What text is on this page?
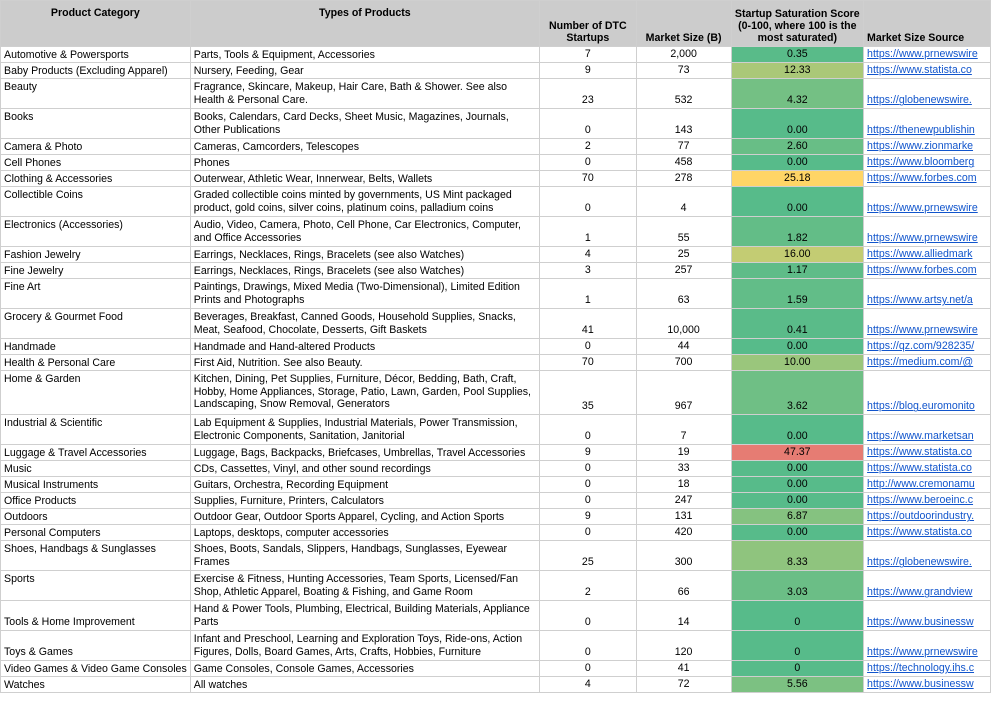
Product Category	Types of Products	Number of DTC Startups	Market Size (B)	Startup Saturation Score (0-100, where 100 is the most saturated)	Market Size Source
Automotive & Powersports	Parts, Tools & Equipment, Accessories	7	2,000	0.35	https://www.prnewswire
Baby Products (Excluding Apparel)	Nursery, Feeding, Gear	9	73	12.33	https://www.statista.co
Beauty	Fragrance, Skincare, Makeup, Hair Care, Bath & Shower. See also Health & Personal Care.	23	532	4.32	https://globenewswire.
Books	Books, Calendars, Card Decks, Sheet Music, Magazines, Journals, Other Publications	0	143	0.00	https://thenewpublishin
Camera & Photo	Cameras, Camcorders, Telescopes	2	77	2.60	https://www.zionmarke
Cell Phones	Phones	0	458	0.00	https://www.bloomberg
Clothing & Accessories	Outerwear, Athletic Wear, Innerwear, Belts, Wallets	70	278	25.18	https://www.forbes.com
Collectible Coins	Graded collectible coins minted by governments, US Mint packaged product, gold coins, silver coins, platinum coins, palladium coins	0	4	0.00	https://www.prnewswire
Electronics (Accessories)	Audio, Video, Camera, Photo, Cell Phone, Car Electronics, Computer, and Office Accessories	1	55	1.82	https://www.prnewswire
Fashion Jewelry	Earrings, Necklaces, Rings, Bracelets (see also Watches)	4	25	16.00	https://www.alliedmark
Fine Jewelry	Earrings, Necklaces, Rings, Bracelets (see also Watches)	3	257	1.17	https://www.forbes.com
Fine Art	Paintings, Drawings, Mixed Media (Two-Dimensional), Limited Edition Prints and Photographs	1	63	1.59	https://www.artsy.net/a
Grocery & Gourmet Food	Beverages, Breakfast, Canned Goods, Household Supplies, Snacks, Meat, Seafood, Chocolate, Desserts, Gift Baskets	41	10,000	0.41	https://www.prnewswire
Handmade	Handmade and Hand-altered Products	0	44	0.00	https://qz.com/928235/
Health & Personal Care	First Aid, Nutrition. See also Beauty.	70	700	10.00	https://medium.com/@
Home & Garden	Kitchen, Dining, Pet Supplies, Furniture, Décor, Bedding, Bath, Craft, Hobby, Home Appliances, Storage, Patio, Lawn, Garden, Pool Supplies, Landscaping, Snow Removal, Generators	35	967	3.62	https://blog.euromonito
Industrial & Scientific	Lab Equipment & Supplies, Industrial Materials, Power Transmission, Electronic Components, Sanitation, Janitorial	0	7	0.00	https://www.marketsan
Luggage & Travel Accessories	Luggage, Bags, Backpacks, Briefcases, Umbrellas, Travel Accessories	9	19	47.37	https://www.statista.co
Music	CDs, Cassettes, Vinyl, and other sound recordings	0	33	0.00	https://www.statista.co
Musical Instruments	Guitars, Orchestra, Recording Equipment	0	18	0.00	http://www.cremonamu
Office Products	Supplies, Furniture, Printers, Calculators	0	247	0.00	https://www.beroeinc.c
Outdoors	Outdoor Gear, Outdoor Sports Apparel, Cycling, and Action Sports	9	131	6.87	https://outdoorindustry.
Personal Computers	Laptops, desktops, computer accessories	0	420	0.00	https://www.statista.co
Shoes, Handbags & Sunglasses	Shoes, Boots, Sandals, Slippers, Handbags, Sunglasses, Eyewear Frames	25	300	8.33	https://globenewswire.
Sports	Exercise & Fitness, Hunting Accessories, Team Sports, Licensed/Fan Shop, Athletic Apparel, Boating & Fishing, and Game Room	2	66	3.03	https://www.grandview
Tools & Home Improvement	Hand & Power Tools, Plumbing, Electrical, Building Materials, Appliance Parts	0	14	0	https://www.businessw
Toys & Games	Infant and Preschool, Learning and Exploration Toys, Ride-ons, Action Figures, Dolls, Board Games, Arts, Crafts, Hobbies, Furniture	0	120	0	https://www.prnewswire
Video Games & Video Game Consoles	Game Consoles, Console Games, Accessories	0	41	0	https://technology.ihs.c
Watches	All watches	4	72	5.56	https://www.businessw
